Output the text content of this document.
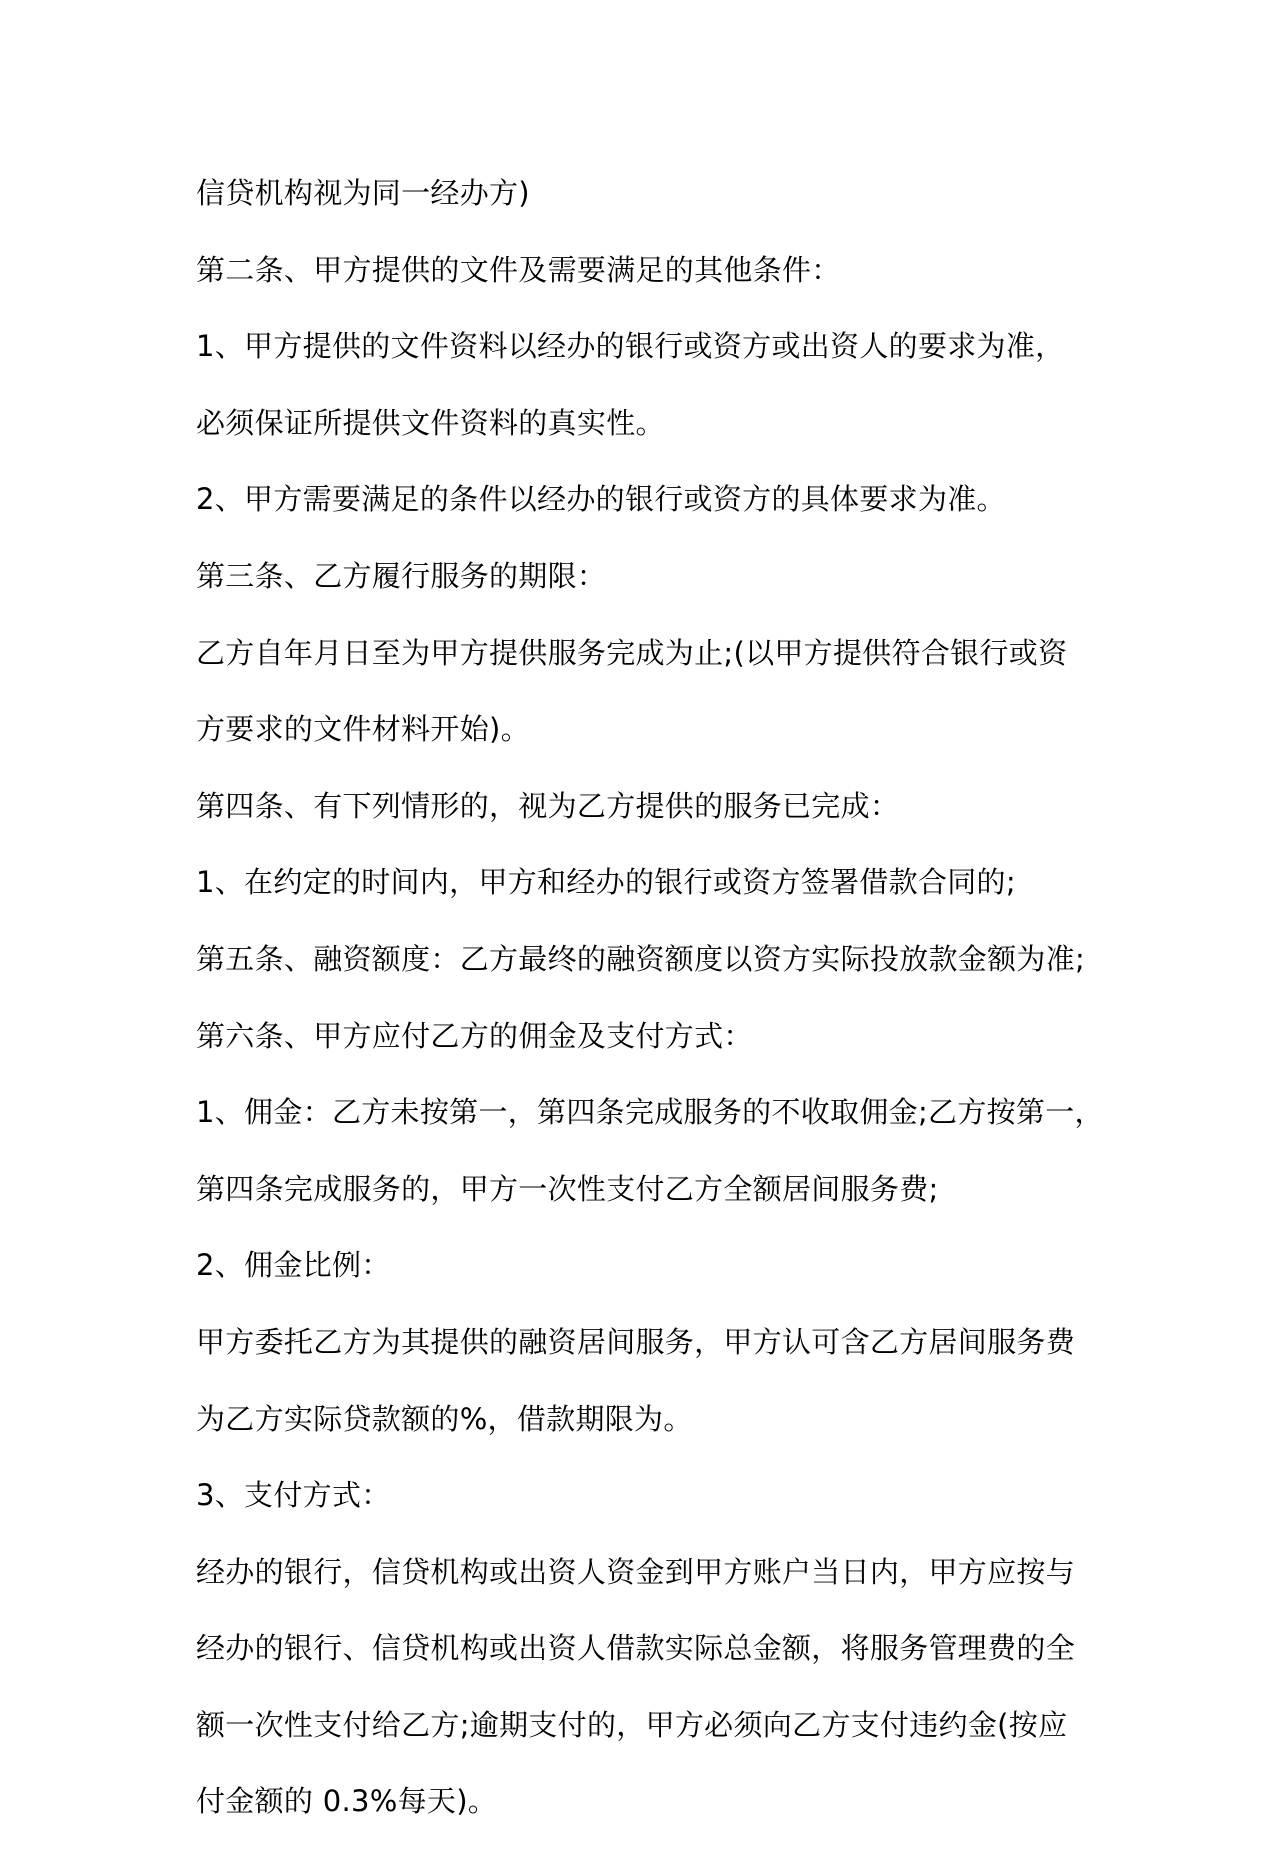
信贷机构视为同一经办方)
第二条、甲方提供的文件及需要满足的其他条件：
1、甲方提供的文件资料以经办的银行或资方或出资人的要求为准，
必须保证所提供文件资料的真实性。
2、甲方需要满足的条件以经办的银行或资方的具体要求为准。
第三条、乙方履行服务的期限：
乙方自年月日至为甲方提供服务完成为止;(以甲方提供符合银行或资
方要求的文件材料开始)。
第四条、有下列情形的，视为乙方提供的服务已完成：
1、在约定的时间内，甲方和经办的银行或资方签署借款合同的;
第五条、融资额度：乙方最终的融资额度以资方实际投放款金额为准;
第六条、甲方应付乙方的佣金及支付方式：
1、佣金：乙方未按第一，第四条完成服务的不收取佣金;乙方按第一，
第四条完成服务的，甲方一次性支付乙方全额居间服务费;
2、佣金比例：
甲方委托乙方为其提供的融资居间服务，甲方认可含乙方居间服务费
为乙方实际贷款额的%，借款期限为。
3、支付方式：
经办的银行，信贷机构或出资人资金到甲方账户当日内，甲方应按与
经办的银行、信贷机构或出资人借款实际总金额，将服务管理费的全
额一次性支付给乙方;逾期支付的，甲方必须向乙方支付违约金(按应
付金额的 0.3%每天)。
